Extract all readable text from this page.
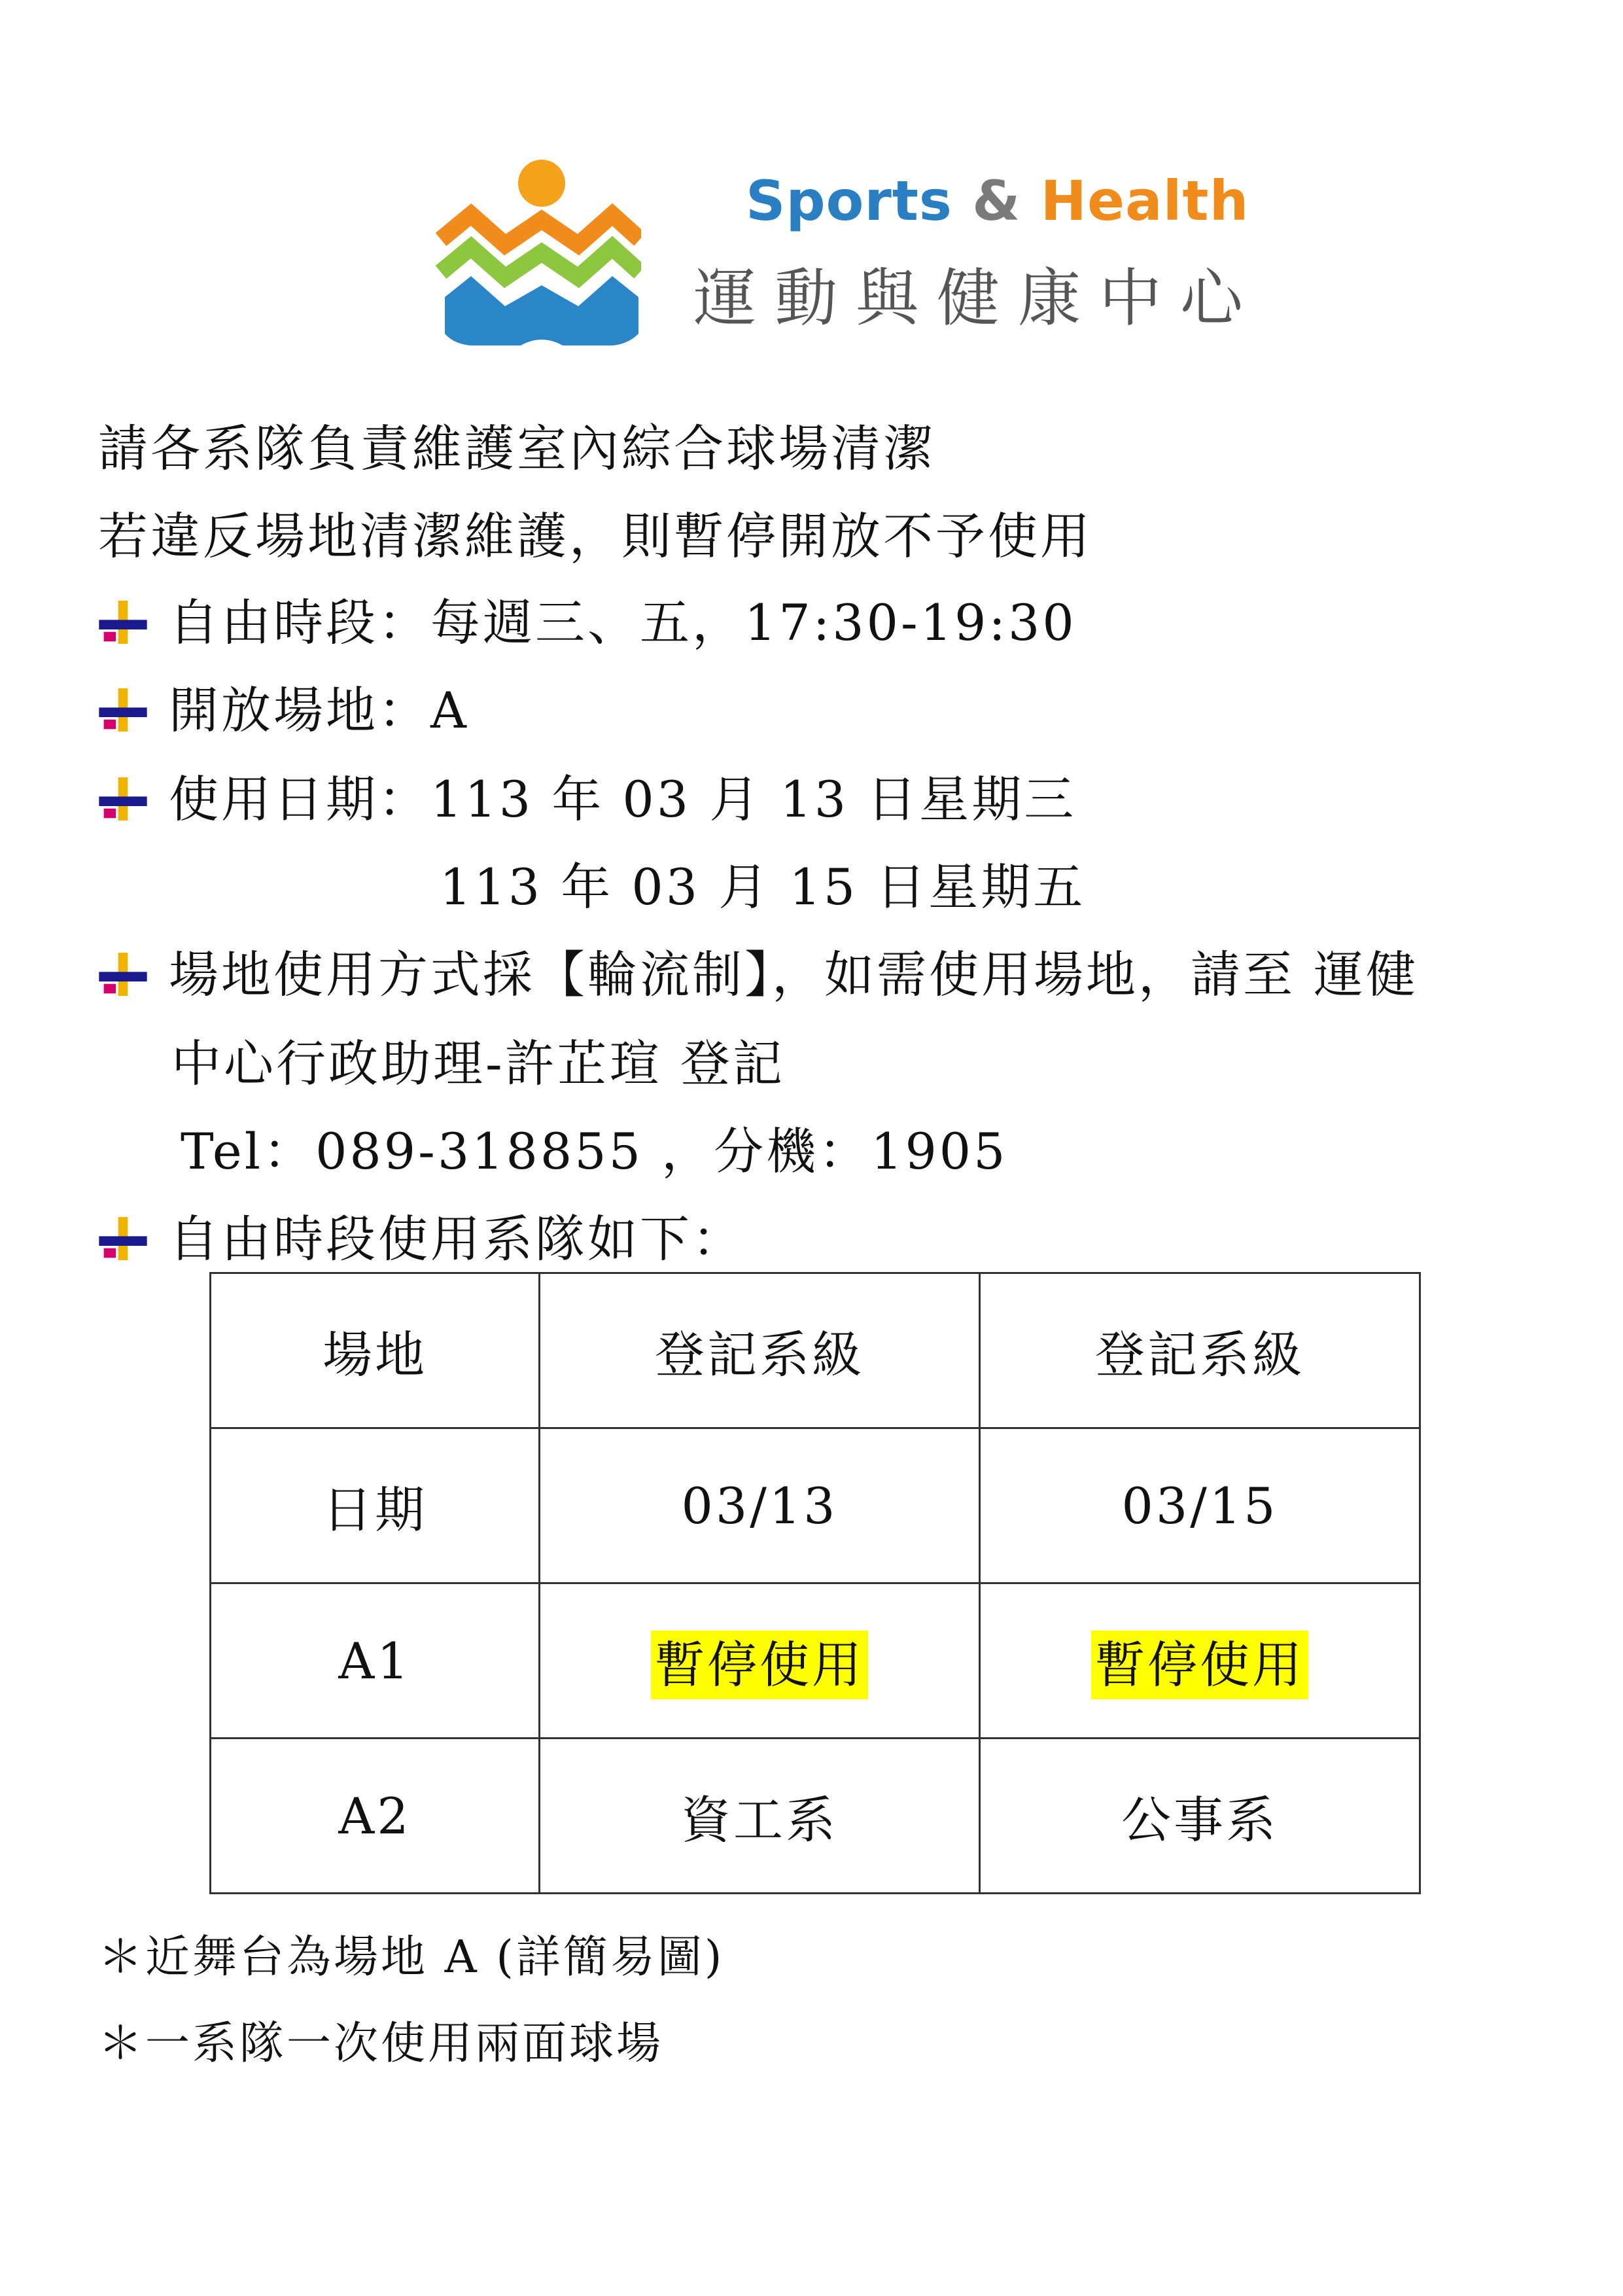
Sports & Health
運動與健康中心
請各系隊負責維護室內綜合球場清潔
若違反場地清潔維護，則暫停開放不予使用
自由時段：每週三、五，17:30-19:30
開放場地：A
使用日期：113 年 03 月 13 日星期三
113 年 03 月 15 日星期五
場地使用方式採【輪流制】，如需使用場地，請至 運健
中心行政助理-許芷瑄 登記
Tel：089-318855 ，分機：1905
自由時段使用系隊如下：
場地	登記系級	登記系級
日期	03/13	03/15
A1	暫停使用	暫停使用
A2	資工系	公事系
＊近舞台為場地 A (詳簡易圖)
＊一系隊一次使用兩面球場
